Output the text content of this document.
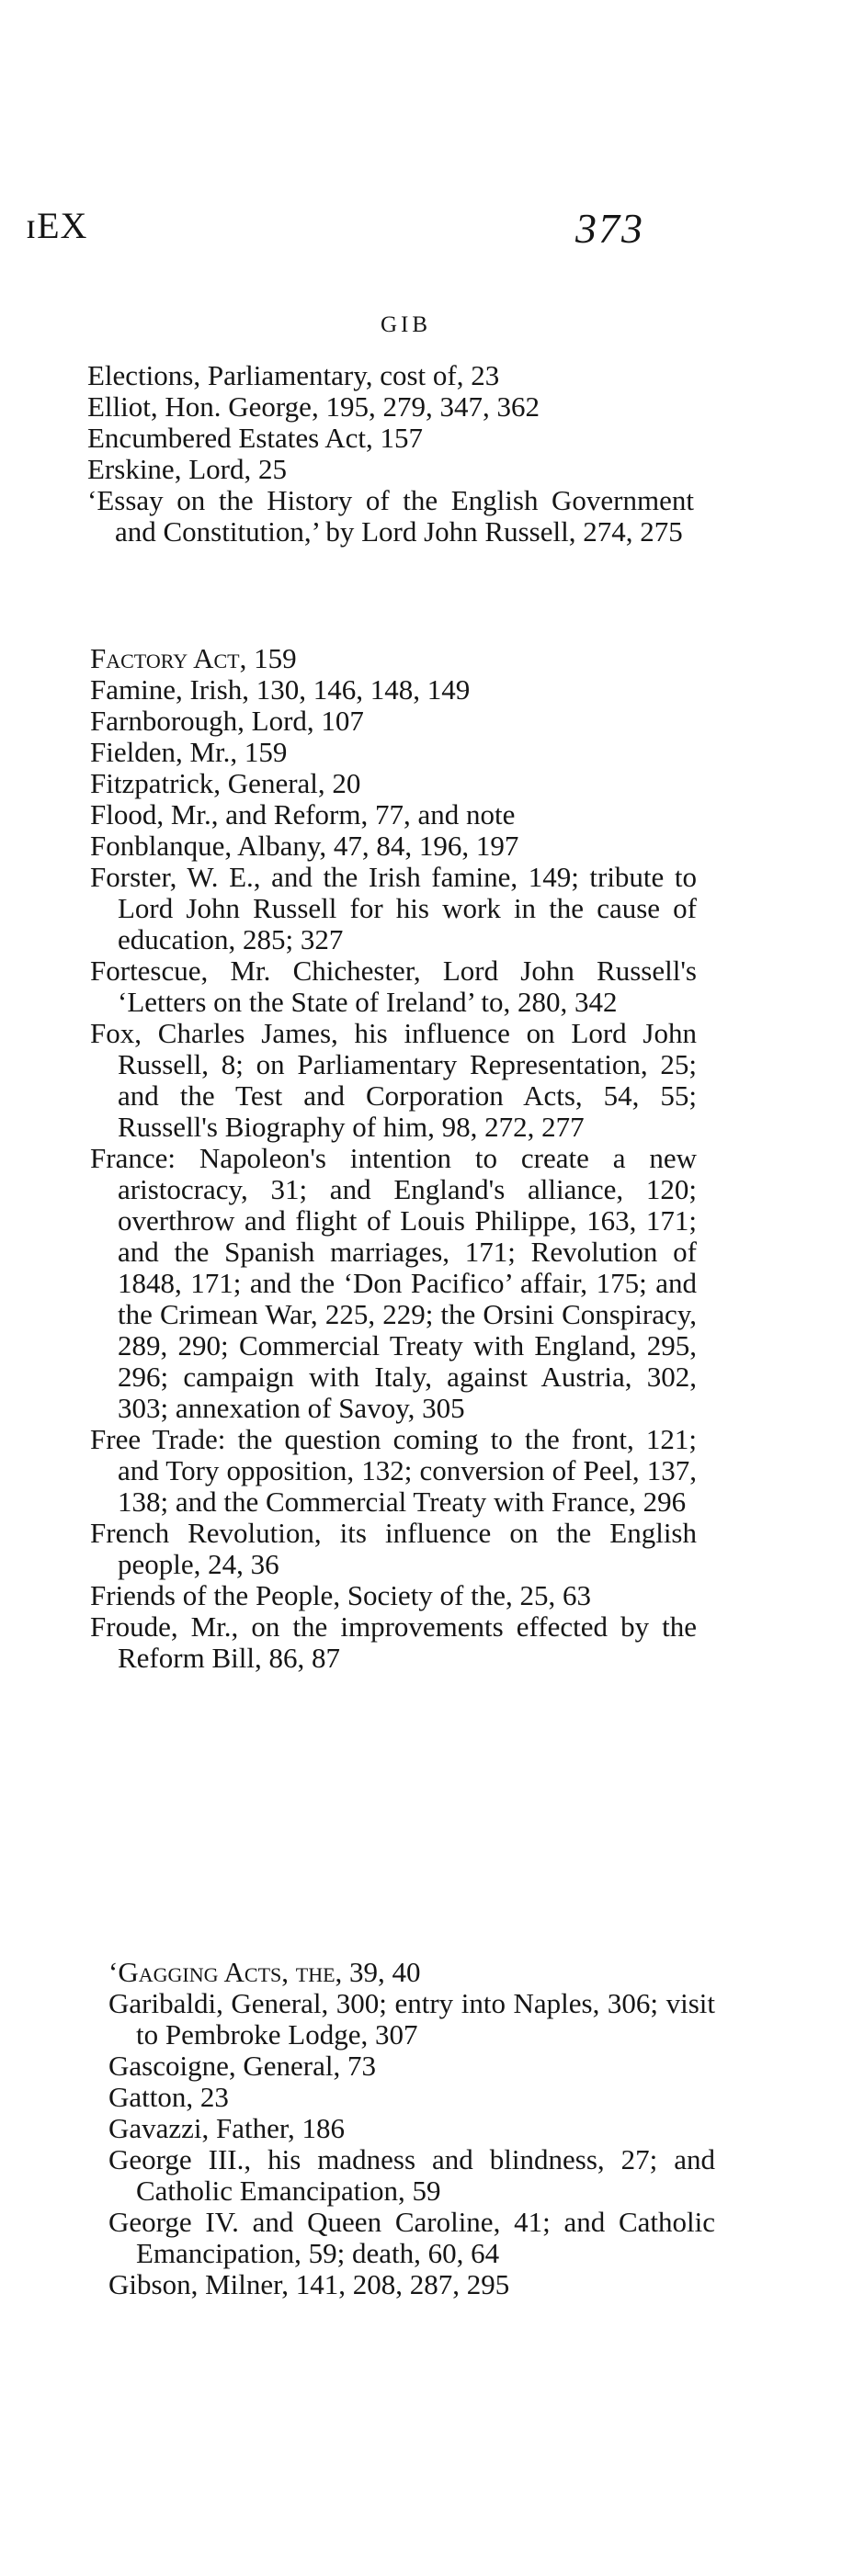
ɪEX	373
GIB

Elections, Parliamentary, cost of, 23

Elliot, Hon. George, 195, 279, 347, 362

Encumbered Estates Act, 157

Erskine, Lord, 25

‘Essay on the History of the English Government and Constitution,’ by Lord John Russell, 274, 275

Factory Act, 159

Famine, Irish, 130, 146, 148, 149

Farnborough, Lord, 107

Fielden, Mr., 159

Fitzpatrick, General, 20

Flood, Mr., and Reform, 77, and note

Fonblanque, Albany, 47, 84, 196, 197

Forster, W. E., and the Irish famine, 149; tribute to Lord John Russell for his work in the cause of education, 285; 327

Fortescue, Mr. Chichester, Lord John Russell's ‘Letters on the State of Ireland’ to, 280, 342

Fox, Charles James, his influence on Lord John Russell, 8; on Parliamentary Representation, 25; and the Test and Corporation Acts, 54, 55; Russell's Biography of him, 98, 272, 277

France: Napoleon's intention to create a new aristocracy, 31; and England's alliance, 120; overthrow and flight of Louis Philippe, 163, 171; and the Spanish marriages, 171; Revolution of 1848, 171; and the ‘Don Pacifico’ affair, 175; and the Crimean War, 225, 229; the Orsini Conspiracy, 289, 290; Commercial Treaty with England, 295, 296; campaign with Italy, against Austria, 302, 303; annexation of Savoy, 305

Free Trade: the question coming to the front, 121; and Tory opposition, 132; conversion of Peel, 137, 138; and the Commercial Treaty with France, 296

French Revolution, its influence on the English people, 24, 36

Friends of the People, Society of the, 25, 63

Froude, Mr., on the improvements effected by the Reform Bill, 86, 87

‘Gagging Acts, the, 39, 40

Garibaldi, General, 300; entry into Naples, 306; visit to Pembroke Lodge, 307

Gascoigne, General, 73

Gatton, 23

Gavazzi, Father, 186

George III., his madness and blindness, 27; and Catholic Emancipation, 59

George IV. and Queen Caroline, 41; and Catholic Emancipation, 59; death, 60, 64

Gibson, Milner, 141, 208, 287, 295
